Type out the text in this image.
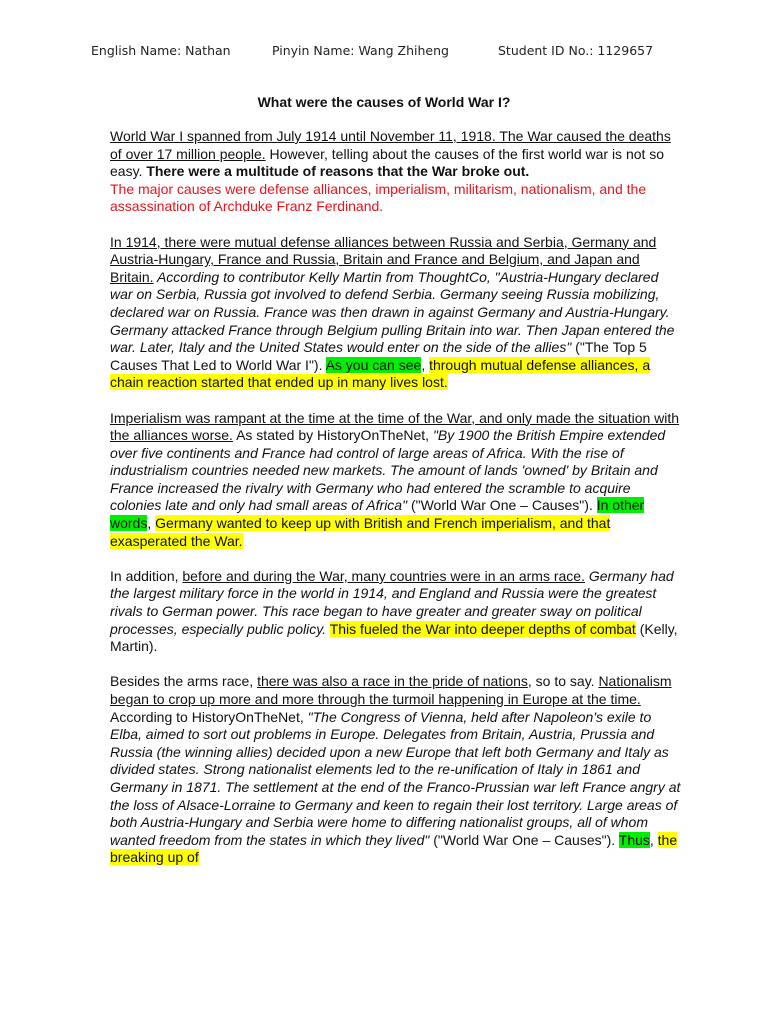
English Name: Nathan	Pinyin Name: Wang Zhiheng	Student ID No.: 1129657
What were the causes of World War I?

World War I spanned from July 1914 until November 11, 1918. The War caused the deaths of over 17 million people. However, telling about the causes of the first world war is not so easy. There were a multitude of reasons that the War broke out.
The major causes were defense alliances, imperialism, militarism, nationalism, and the assassination of Archduke Franz Ferdinand.

In 1914, there were mutual defense alliances between Russia and Serbia, Germany and Austria-Hungary, France and Russia, Britain and France and Belgium, and Japan and Britain. According to contributor Kelly Martin from ThoughtCo, "Austria-Hungary declared war on Serbia, Russia got involved to defend Serbia. Germany seeing Russia mobilizing, declared war on Russia. France was then drawn in against Germany and Austria-Hungary. Germany attacked France through Belgium pulling Britain into war. Then Japan entered the war. Later, Italy and the United States would enter on the side of the allies" ("The Top 5 Causes That Led to World War I"). As you can see, through mutual defense alliances, a chain reaction started that ended up in many lives lost.

Imperialism was rampant at the time at the time of the War, and only made the situation with the alliances worse. As stated by HistoryOnTheNet, "By 1900 the British Empire extended over five continents and France had control of large areas of Africa. With the rise of industrialism countries needed new markets. The amount of lands 'owned' by Britain and France increased the rivalry with Germany who had entered the scramble to acquire colonies late and only had small areas of Africa" ("World War One – Causes"). In other words, Germany wanted to keep up with British and French imperialism, and that exasperated the War.

In addition, before and during the War, many countries were in an arms race. Germany had the largest military force in the world in 1914, and England and Russia were the greatest rivals to German power. This race began to have greater and greater sway on political processes, especially public policy. This fueled the War into deeper depths of combat (Kelly, Martin).

Besides the arms race, there was also a race in the pride of nations, so to say. Nationalism began to crop up more and more through the turmoil happening in Europe at the time. According to HistoryOnTheNet, "The Congress of Vienna, held after Napoleon's exile to Elba, aimed to sort out problems in Europe. Delegates from Britain, Austria, Prussia and Russia (the winning allies) decided upon a new Europe that left both Germany and Italy as divided states. Strong nationalist elements led to the re-unification of Italy in 1861 and Germany in 1871. The settlement at the end of the Franco-Prussian war left France angry at the loss of Alsace-Lorraine to Germany and keen to regain their lost territory. Large areas of both Austria-Hungary and Serbia were home to differing nationalist groups, all of whom wanted freedom from the states in which they lived" ("World War One – Causes"). Thus, the breaking up of
